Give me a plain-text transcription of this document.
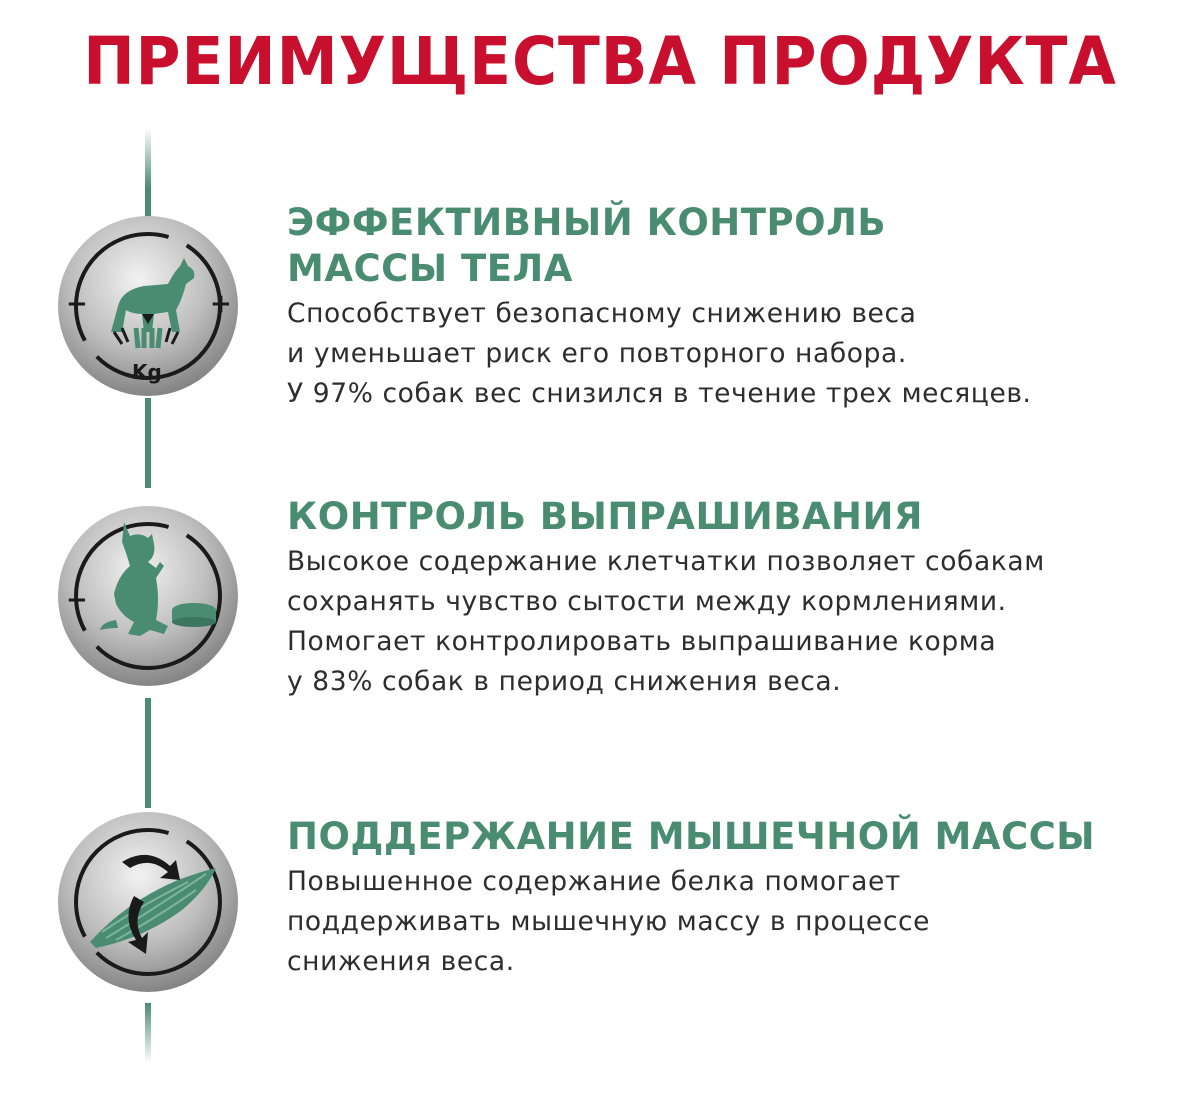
ПРЕИМУЩЕСТВА ПРОДУКТА
−	+
Kg
−
ЭФФЕКТИВНЫЙ КОНТРОЛЬ
МАССЫ ТЕЛА

Способствует безопасному снижению веса
и уменьшает риск его повторного набора.
У 97% собак вес снизился в течение трех месяцев.

КОНТРОЛЬ ВЫПРАШИВАНИЯ

Высокое содержание клетчатки позволяет собакам
сохранять чувство сытости между кормлениями.
Помогает контролировать выпрашивание корма
у 83% собак в период снижения веса.

ПОДДЕРЖАНИЕ МЫШЕЧНОЙ МАССЫ

Повышенное содержание белка помогает
поддерживать мышечную массу в процессе
снижения веса.
